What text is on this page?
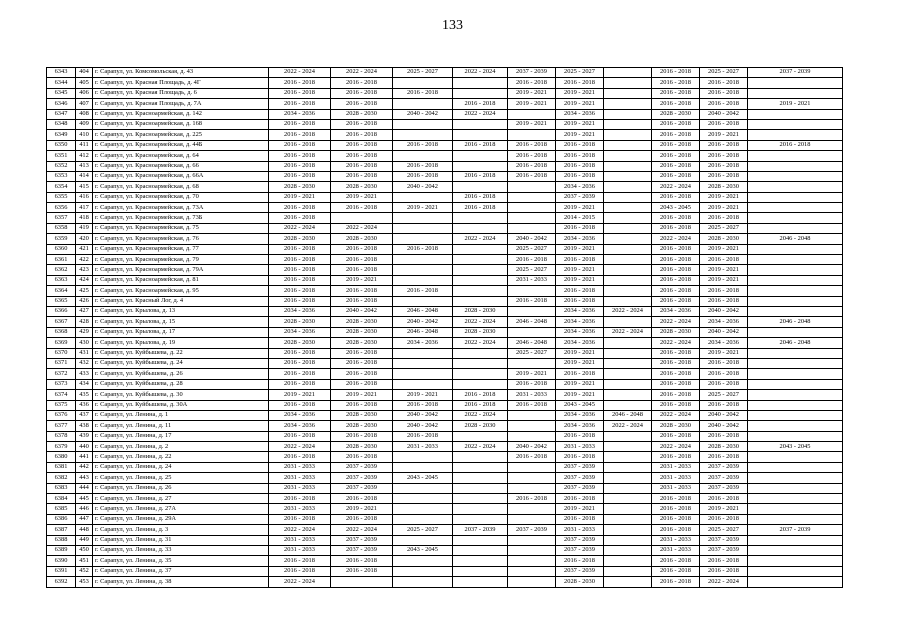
133
6343	404	г. Сарапул, ул. Комсомольская, д. 43	2022 - 2024	2022 - 2024	2025 - 2027	2022 - 2024	2037 - 2039	2025 - 2027		2016 - 2018	2025 - 2027	2037 - 2039
6344	405	г. Сарапул, ул. Красная Площадь, д. 4Г	2016 - 2018	2016 - 2018			2016 - 2018	2016 - 2018		2016 - 2018	2016 - 2018	
6345	406	г. Сарапул, ул. Красная Площадь, д. 6	2016 - 2018	2016 - 2018	2016 - 2018		2019 - 2021	2019 - 2021		2016 - 2018	2016 - 2018	
6346	407	г. Сарапул, ул. Красная Площадь, д. 7А	2016 - 2018	2016 - 2018		2016 - 2018	2019 - 2021	2019 - 2021		2016 - 2018	2016 - 2018	2019 - 2021
6347	408	г. Сарапул, ул. Красноармейская, д. 142	2034 - 2036	2028 - 2030	2040 - 2042	2022 - 2024		2034 - 2036		2028 - 2030	2040 - 2042	
6348	409	г. Сарапул, ул. Красноармейская, д. 168	2016 - 2018	2016 - 2018			2019 - 2021	2019 - 2021		2016 - 2018	2016 - 2018	
6349	410	г. Сарапул, ул. Красноармейская, д. 225	2016 - 2018	2016 - 2018				2019 - 2021		2016 - 2018	2019 - 2021	
6350	411	г. Сарапул, ул. Красноармейская, д. 44Б	2016 - 2018	2016 - 2018	2016 - 2018	2016 - 2018	2016 - 2018	2016 - 2018		2016 - 2018	2016 - 2018	2016 - 2018
6351	412	г. Сарапул, ул. Красноармейская, д. 64	2016 - 2018	2016 - 2018			2016 - 2018	2016 - 2018		2016 - 2018	2016 - 2018	
6352	413	г. Сарапул, ул. Красноармейская, д. 66	2016 - 2018	2016 - 2018	2016 - 2018		2016 - 2018	2016 - 2018		2016 - 2018	2016 - 2018	
6353	414	г. Сарапул, ул. Красноармейская, д. 66А	2016 - 2018	2016 - 2018	2016 - 2018	2016 - 2018	2016 - 2018	2016 - 2018		2016 - 2018	2016 - 2018	
6354	415	г. Сарапул, ул. Красноармейская, д. 68	2028 - 2030	2028 - 2030	2040 - 2042			2034 - 2036		2022 - 2024	2028 - 2030	
6355	416	г. Сарапул, ул. Красноармейская, д. 70	2019 - 2021	2019 - 2021		2016 - 2018		2037 - 2039		2016 - 2018	2019 - 2021	
6356	417	г. Сарапул, ул. Красноармейская, д. 73А	2016 - 2018	2016 - 2018	2019 - 2021	2016 - 2018		2019 - 2021		2043 - 2045	2019 - 2021	
6357	418	г. Сарапул, ул. Красноармейская, д. 73Б	2016 - 2018					2014 - 2015		2016 - 2018	2016 - 2018	
6358	419	г. Сарапул, ул. Красноармейская, д. 75	2022 - 2024	2022 - 2024				2016 - 2018		2016 - 2018	2025 - 2027	
6359	420	г. Сарапул, ул. Красноармейская, д. 76	2028 - 2030	2028 - 2030		2022 - 2024	2040 - 2042	2034 - 2036		2022 - 2024	2028 - 2030	2046 - 2048
6360	421	г. Сарапул, ул. Красноармейская, д. 77	2016 - 2018	2016 - 2018	2016 - 2018		2025 - 2027	2019 - 2021		2016 - 2018	2019 - 2021	
6361	422	г. Сарапул, ул. Красноармейская, д. 79	2016 - 2018	2016 - 2018			2016 - 2018	2016 - 2018		2016 - 2018	2016 - 2018	
6362	423	г. Сарапул, ул. Красноармейская, д. 79А	2016 - 2018	2016 - 2018			2025 - 2027	2019 - 2021		2016 - 2018	2019 - 2021	
6363	424	г. Сарапул, ул. Красноармейская, д. 81	2016 - 2018	2019 - 2021			2031 - 2033	2019 - 2021		2016 - 2018	2019 - 2021	
6364	425	г. Сарапул, ул. Красноармейская, д. 95	2016 - 2018	2016 - 2018	2016 - 2018			2016 - 2018		2016 - 2018	2016 - 2018	
6365	426	г. Сарапул, ул. Красный Лог, д. 4	2016 - 2018	2016 - 2018			2016 - 2018	2016 - 2018		2016 - 2018	2016 - 2018	
6366	427	г. Сарапул, ул. Крылова, д. 13	2034 - 2036	2040 - 2042	2046 - 2048	2028 - 2030		2034 - 2036	2022 - 2024	2034 - 2036	2040 - 2042	
6367	428	г. Сарапул, ул. Крылова, д. 15	2028 - 2030	2028 - 2030	2040 - 2042	2022 - 2024	2046 - 2048	2034 - 2036		2022 - 2024	2034 - 2036	2046 - 2048
6368	429	г. Сарапул, ул. Крылова, д. 17	2034 - 2036	2028 - 2030	2046 - 2048	2028 - 2030		2034 - 2036	2022 - 2024	2028 - 2030	2040 - 2042	
6369	430	г. Сарапул, ул. Крылова, д. 19	2028 - 2030	2028 - 2030	2034 - 2036	2022 - 2024	2046 - 2048	2034 - 2036		2022 - 2024	2034 - 2036	2046 - 2048
6370	431	г. Сарапул, ул. Куйбышева, д. 22	2016 - 2018	2016 - 2018			2025 - 2027	2019 - 2021		2016 - 2018	2019 - 2021	
6371	432	г. Сарапул, ул. Куйбышева, д. 24	2016 - 2018	2016 - 2018				2019 - 2021		2016 - 2018	2016 - 2018	
6372	433	г. Сарапул, ул. Куйбышева, д. 26	2016 - 2018	2016 - 2018			2019 - 2021	2016 - 2018		2016 - 2018	2016 - 2018	
6373	434	г. Сарапул, ул. Куйбышева, д. 28	2016 - 2018	2016 - 2018			2016 - 2018	2019 - 2021		2016 - 2018	2016 - 2018	
6374	435	г. Сарапул, ул. Куйбышева, д. 30	2019 - 2021	2019 - 2021	2019 - 2021	2016 - 2018	2031 - 2033	2019 - 2021		2016 - 2018	2025 - 2027	
6375	436	г. Сарапул, ул. Куйбышева, д. 30А	2016 - 2018	2016 - 2018	2016 - 2018	2016 - 2018	2016 - 2018	2043 - 2045		2016 - 2018	2016 - 2018	
6376	437	г. Сарапул, ул. Ленина, д. 1	2034 - 2036	2028 - 2030	2040 - 2042	2022 - 2024		2034 - 2036	2046 - 2048	2022 - 2024	2040 - 2042	
6377	438	г. Сарапул, ул. Ленина, д. 11	2034 - 2036	2028 - 2030	2040 - 2042	2028 - 2030		2034 - 2036	2022 - 2024	2028 - 2030	2040 - 2042	
6378	439	г. Сарапул, ул. Ленина, д. 17	2016 - 2018	2016 - 2018	2016 - 2018			2016 - 2018		2016 - 2018	2016 - 2018	
6379	440	г. Сарапул, ул. Ленина, д. 2	2022 - 2024	2028 - 2030	2031 - 2033	2022 - 2024	2040 - 2042	2031 - 2033		2022 - 2024	2028 - 2030	2043 - 2045
6380	441	г. Сарапул, ул. Ленина, д. 22	2016 - 2018	2016 - 2018			2016 - 2018	2016 - 2018		2016 - 2018	2016 - 2018	
6381	442	г. Сарапул, ул. Ленина, д. 24	2031 - 2033	2037 - 2039				2037 - 2039		2031 - 2033	2037 - 2039	
6382	443	г. Сарапул, ул. Ленина, д. 25	2031 - 2033	2037 - 2039	2043 - 2045			2037 - 2039		2031 - 2033	2037 - 2039	
6383	444	г. Сарапул, ул. Ленина, д. 26	2031 - 2033	2037 - 2039				2037 - 2039		2031 - 2033	2037 - 2039	
6384	445	г. Сарапул, ул. Ленина, д. 27	2016 - 2018	2016 - 2018			2016 - 2018	2016 - 2018		2016 - 2018	2016 - 2018	
6385	446	г. Сарапул, ул. Ленина, д. 27А	2031 - 2033	2019 - 2021				2019 - 2021		2016 - 2018	2019 - 2021	
6386	447	г. Сарапул, ул. Ленина, д. 29А	2016 - 2018	2016 - 2018				2016 - 2018		2016 - 2018	2016 - 2018	
6387	448	г. Сарапул, ул. Ленина, д. 3	2022 - 2024	2022 - 2024	2025 - 2027	2037 - 2039	2037 - 2039	2031 - 2033		2016 - 2018	2025 - 2027	2037 - 2039
6388	449	г. Сарапул, ул. Ленина, д. 31	2031 - 2033	2037 - 2039				2037 - 2039		2031 - 2033	2037 - 2039	
6389	450	г. Сарапул, ул. Ленина, д. 33	2031 - 2033	2037 - 2039	2043 - 2045			2037 - 2039		2031 - 2033	2037 - 2039	
6390	451	г. Сарапул, ул. Ленина, д. 35	2016 - 2018	2016 - 2018				2016 - 2018		2016 - 2018	2016 - 2018	
6391	452	г. Сарапул, ул. Ленина, д. 37	2016 - 2018	2016 - 2018				2037 - 2039		2016 - 2018	2016 - 2018	
6392	453	г. Сарапул, ул. Ленина, д. 38	2022 - 2024					2028 - 2030		2016 - 2018	2022 - 2024	
